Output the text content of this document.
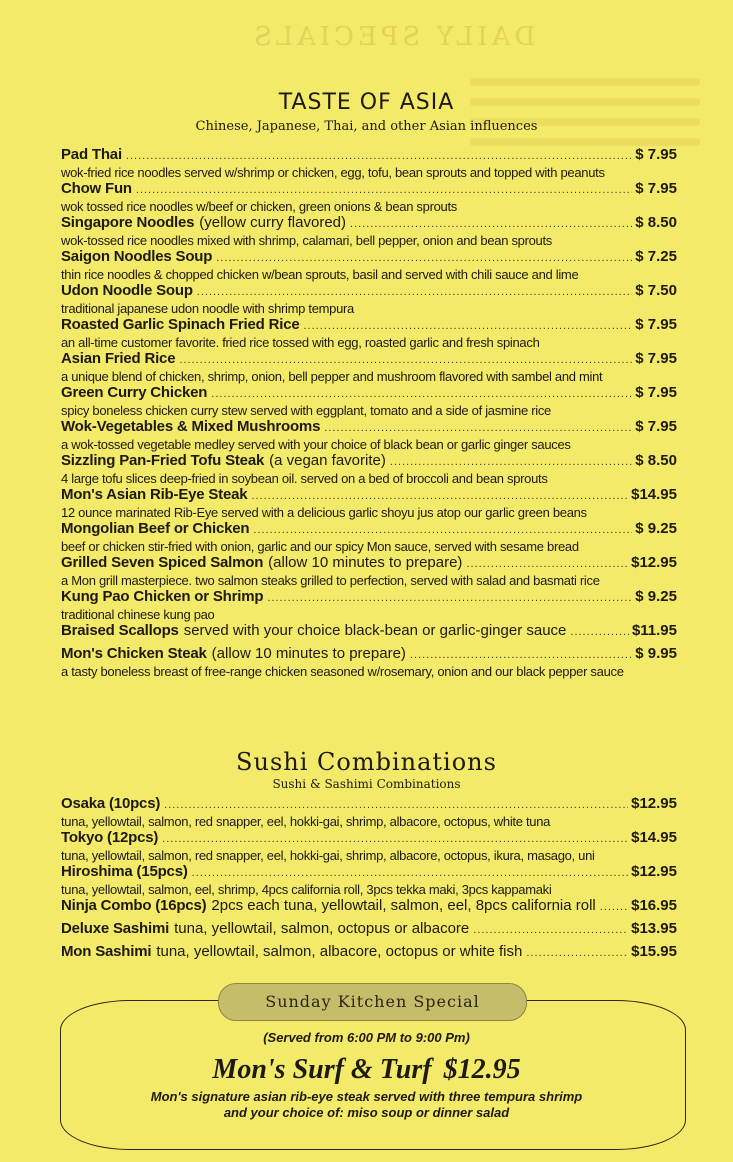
DAILY SPECIALS
TASTE OF ASIA
Chinese, Japanese, Thai, and other Asian influences
Pad Thai .....	$ 7.95
wok-fried rice noodles served w/shrimp or chicken, egg, tofu, bean sprouts and topped with peanuts
Chow Fun .....	$ 7.95
wok tossed rice noodles w/beef or chicken, green onions & bean sprouts
Singapore Noodles (yellow curry flavored) .....	$ 8.50
wok-tossed rice noodles mixed with shrimp, calamari, bell pepper, onion and bean sprouts
Saigon Noodles Soup .....	$ 7.25
thin rice noodles & chopped chicken w/bean sprouts, basil and served with chili sauce and lime
Udon Noodle Soup .....	$ 7.50
traditional japanese udon noodle with shrimp tempura
Roasted Garlic Spinach Fried Rice .....	$ 7.95
an all-time customer favorite. fried rice tossed with egg, roasted garlic and fresh spinach
Asian Fried Rice .....	$ 7.95
a unique blend of chicken, shrimp, onion, bell pepper and mushroom flavored with sambel and mint
Green Curry Chicken .....	$ 7.95
spicy boneless chicken curry stew served with eggplant, tomato and a side of jasmine rice
Wok-Vegetables & Mixed Mushrooms .....	$ 7.95
a wok-tossed vegetable medley served with your choice of black bean or garlic ginger sauces
Sizzling Pan-Fried Tofu Steak (a vegan favorite) .....	$ 8.50
4 large tofu slices deep-fried in soybean oil. served on a bed of broccoli and bean sprouts
Mon's Asian Rib-Eye Steak .....	$14.95
12 ounce marinated Rib-Eye served with a delicious garlic shoyu jus atop our garlic green beans
Mongolian Beef or Chicken .....	$ 9.25
beef or chicken stir-fried with onion, garlic and our spicy Mon sauce, served with sesame bread
Grilled Seven Spiced Salmon (allow 10 minutes to prepare) .....	$12.95
a Mon grill masterpiece. two salmon steaks grilled to perfection, served with salad and basmati rice
Kung Pao Chicken or Shrimp .....	$ 9.25
traditional chinese kung pao
Braised Scallops served with your choice black-bean or garlic-ginger sauce .....	$11.95
Mon's Chicken Steak (allow 10 minutes to prepare) .....	$ 9.95
a tasty boneless breast of free-range chicken seasoned w/rosemary, onion and our black pepper sauce
Sushi Combinations
Sushi & Sashimi Combinations
Osaka (10pcs) .....	$12.95
tuna, yellowtail, salmon, red snapper, eel, hokki-gai, shrimp, albacore, octopus, white tuna
Tokyo (12pcs) .....	$14.95
tuna, yellowtail, salmon, red snapper, eel, hokki-gai, shrimp, albacore, octopus, ikura, masago, uni
Hiroshima (15pcs) .....	$12.95
tuna, yellowtail, salmon, eel, shrimp, 4pcs california roll, 3pcs tekka maki, 3pcs kappamaki
Ninja Combo (16pcs) 2pcs each tuna, yellowtail, salmon, eel, 8pcs california roll ..... $16.95
Deluxe Sashimi tuna, yellowtail, salmon, octopus or albacore .....	$13.95
Mon Sashimi tuna, yellowtail, salmon, albacore, octopus or white fish .....	$15.95
Sunday Kitchen Special
(Served from 6:00 PM to 9:00 Pm)
Mon's Surf & Turf $12.95
Mon's signature asian rib-eye steak served with three tempura shrimp
and your choice of: miso soup or dinner salad
